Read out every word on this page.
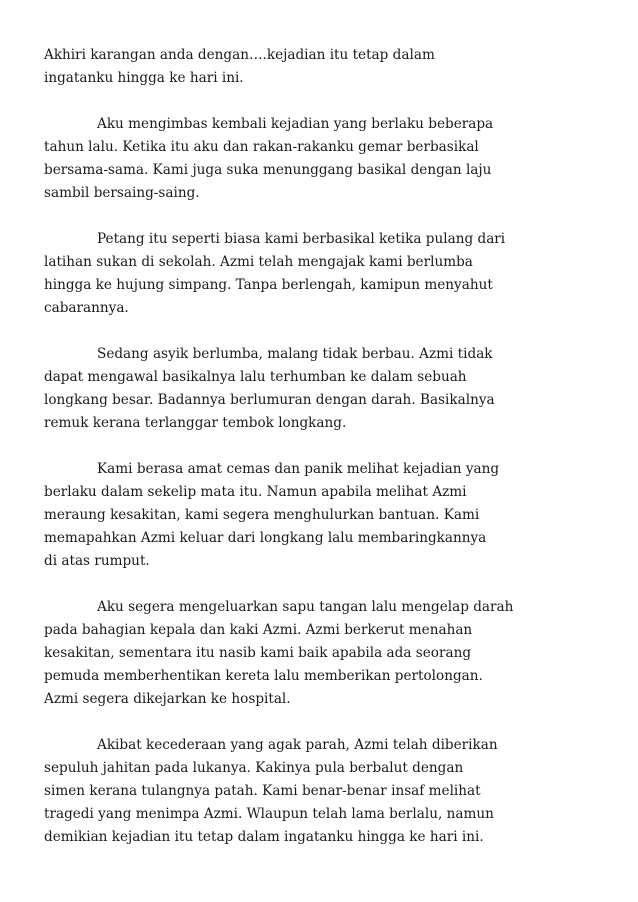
Akhiri karangan anda dengan….kejadian itu tetap dalam
ingatanku hingga ke hari ini.
Aku mengimbas kembali kejadian yang berlaku beberapa
tahun lalu. Ketika itu aku dan rakan-rakanku gemar berbasikal
bersama-sama. Kami juga suka menunggang basikal dengan laju
sambil bersaing-saing.
Petang itu seperti biasa kami berbasikal ketika pulang dari
latihan sukan di sekolah. Azmi telah mengajak kami berlumba
hingga ke hujung simpang. Tanpa berlengah, kamipun menyahut
cabarannya.
Sedang asyik berlumba, malang tidak berbau. Azmi tidak
dapat mengawal basikalnya lalu terhumban ke dalam sebuah
longkang besar. Badannya berlumuran dengan darah. Basikalnya
remuk kerana terlanggar tembok longkang.
Kami berasa amat cemas dan panik melihat kejadian yang
berlaku dalam sekelip mata itu. Namun apabila melihat Azmi
meraung kesakitan, kami segera menghulurkan bantuan. Kami
memapahkan Azmi keluar dari longkang lalu membaringkannya
di atas rumput.
Aku segera mengeluarkan sapu tangan lalu mengelap darah
pada bahagian kepala dan kaki Azmi. Azmi berkerut menahan
kesakitan, sementara itu nasib kami baik apabila ada seorang
pemuda memberhentikan kereta lalu memberikan pertolongan.
Azmi segera dikejarkan ke hospital.
Akibat kecederaan yang agak parah, Azmi telah diberikan
sepuluh jahitan pada lukanya. Kakinya pula berbalut dengan
simen kerana tulangnya patah. Kami benar-benar insaf melihat
tragedi yang menimpa Azmi. Wlaupun telah lama berlalu, namun
demikian kejadian itu tetap dalam ingatanku hingga ke hari ini.
